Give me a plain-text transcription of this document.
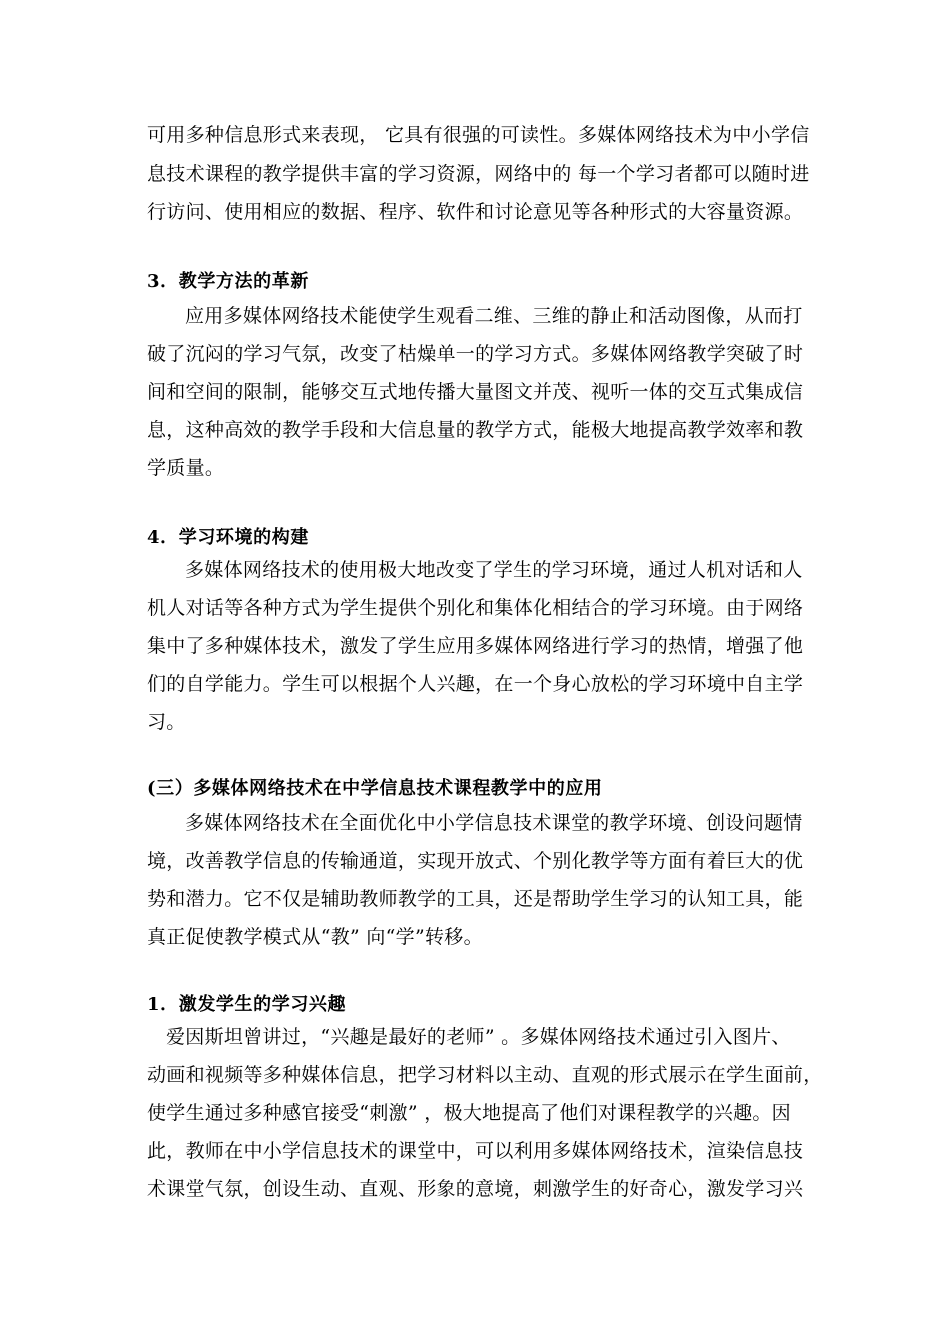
可用多种信息形式来表现， 它具有很强的可读性。多媒体网络技术为中小学信
息技术课程的教学提供丰富的学习资源，网络中的 每一个学习者都可以随时进
行访问、使用相应的数据、程序、软件和讨论意见等各种形式的大容量资源。
3．教学方法的革新
应用多媒体网络技术能使学生观看二维、三维的静止和活动图像，从而打
破了沉闷的学习气氛，改变了枯燥单一的学习方式。多媒体网络教学突破了时
间和空间的限制，能够交互式地传播大量图文并茂、视听一体的交互式集成信
息，这种高效的教学手段和大信息量的教学方式，能极大地提高教学效率和教
学质量。
4．学习环境的构建
多媒体网络技术的使用极大地改变了学生的学习环境，通过人机对话和人
机人对话等各种方式为学生提供个别化和集体化相结合的学习环境。由于网络
集中了多种媒体技术，激发了学生应用多媒体网络进行学习的热情，增强了他
们的自学能力。学生可以根据个人兴趣，在一个身心放松的学习环境中自主学
习。
(三）多媒体网络技术在中学信息技术课程教学中的应用
多媒体网络技术在全面优化中小学信息技术课堂的教学环境、创设问题情
境，改善教学信息的传输通道，实现开放式、个别化教学等方面有着巨大的优
势和潜力。它不仅是辅助教师教学的工具，还是帮助学生学习的认知工具，能
真正促使教学模式从“教” 向“学”转移。
1．激发学生的学习兴趣
爱因斯坦曾讲过，“兴趣是最好的老师” 。多媒体网络技术通过引入图片、
动画和视频等多种媒体信息，把学习材料以主动、直观的形式展示在学生面前，
使学生通过多种感官接受“刺激” ，极大地提高了他们对课程教学的兴趣。因
此，教师在中小学信息技术的课堂中，可以利用多媒体网络技术，渲染信息技
术课堂气氛，创设生动、直观、形象的意境，刺激学生的好奇心，激发学习兴
